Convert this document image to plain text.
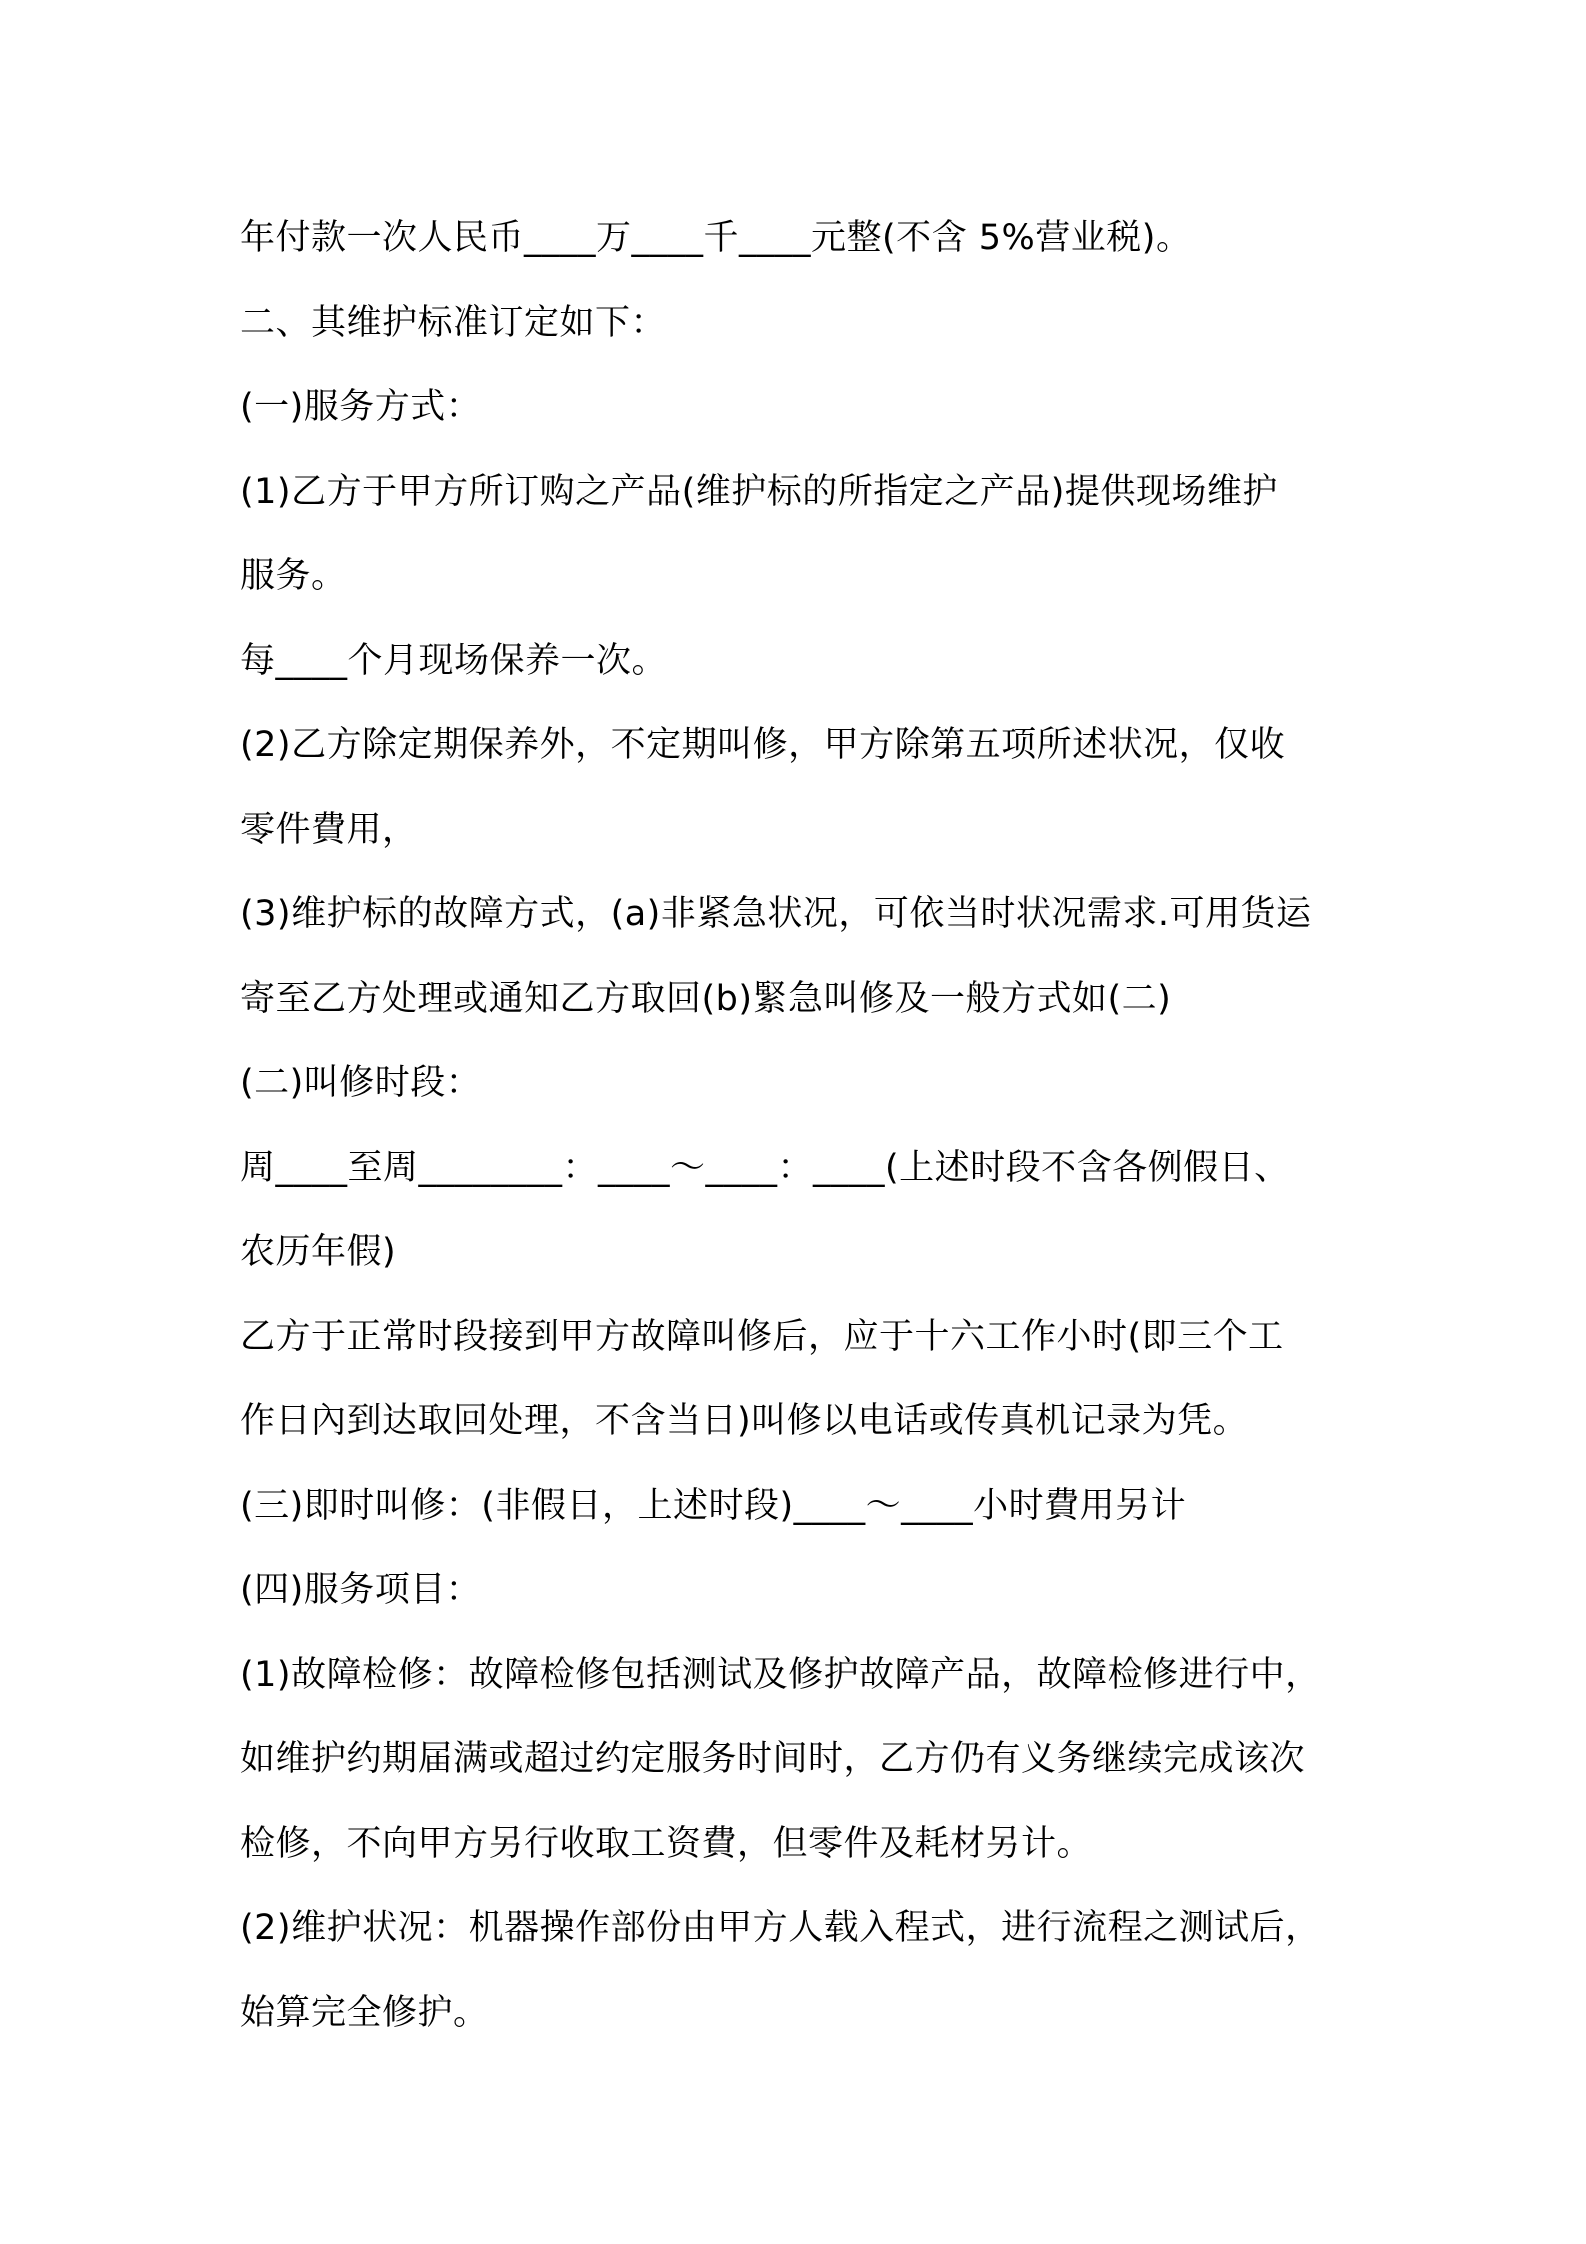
年付款一次人民币____万____千____元整(不含 5%营业税)。

二、其维护标准订定如下：

(一)服务方式：

(1)乙方于甲方所订购之产品(维护标的所指定之产品)提供现场维护

服务。

每____个月现场保养一次。

(2)乙方除定期保养外，不定期叫修，甲方除第五项所述状况，仅收

零件費用，

(3)维护标的故障方式，(a)非紧急状况，可依当时状况需求.可用货运

寄至乙方处理或通知乙方取回(b)緊急叫修及一般方式如(二)

(二)叫修时段：

周____至周________：____～____：____(上述时段不含各例假日、

农历年假)

乙方于正常时段接到甲方故障叫修后，应于十六工作小时(即三个工

作日內到达取回处理，不含当日)叫修以电话或传真机记录为凭。

(三)即时叫修：(非假日，上述时段)____～____小时費用另计

(四)服务项目：

(1)故障检修：故障检修包括测试及修护故障产品，故障检修进行中，

如维护约期届满或超过约定服务时间时，乙方仍有义务继续完成该次

检修，不向甲方另行收取工资費，但零件及耗材另计。

(2)维护状况：机器操作部份由甲方人载入程式，进行流程之测试后，

始算完全修护。
